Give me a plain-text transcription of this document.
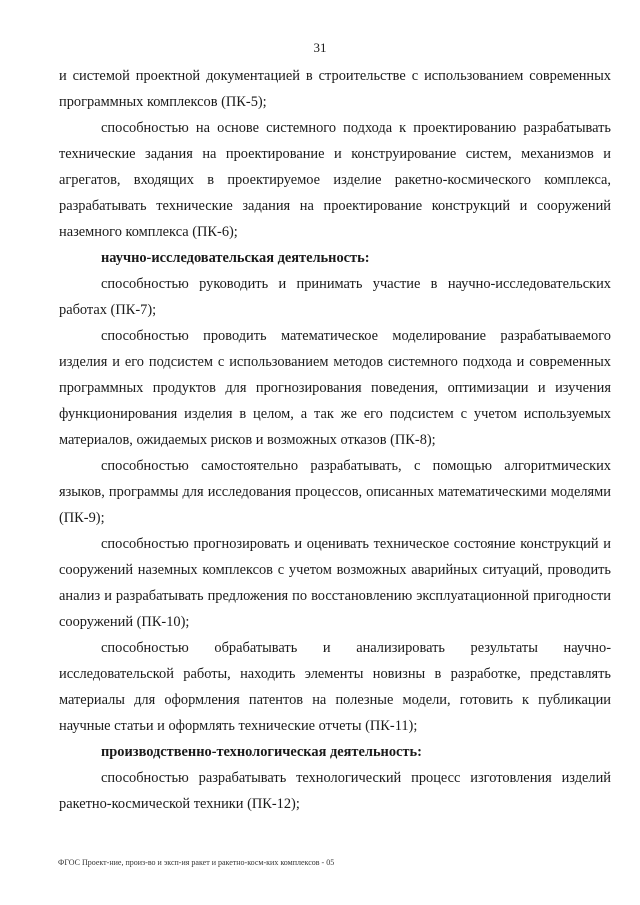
31

и системой проектной документацией в строительстве с использованием современных программных комплексов (ПК-5);

способностью на основе системного подхода к проектированию разрабатывать технические задания на проектирование и конструирование систем, механизмов и агрегатов, входящих в проектируемое изделие ракетно-космического комплекса, разрабатывать технические задания на проектирование конструкций и сооружений наземного комплекса (ПК-6);

научно-исследовательская деятельность:

способностью руководить и принимать участие в научно-исследовательских работах (ПК-7);

способностью проводить математическое моделирование разрабатываемого изделия и его подсистем с использованием методов системного подхода и современных программных продуктов для прогнозирования поведения, оптимизации и изучения функционирования изделия в целом, а так же его подсистем с учетом используемых материалов, ожидаемых рисков и возможных отказов (ПК-8);

способностью самостоятельно разрабатывать, с помощью алгоритмических языков, программы для исследования процессов, описанных математическими моделями (ПК-9);

способностью прогнозировать и оценивать техническое состояние конструкций и сооружений наземных комплексов с учетом возможных аварийных ситуаций, проводить анализ и разрабатывать предложения по восстановлению эксплуатационной пригодности сооружений (ПК-10);

способностью обрабатывать и анализировать результаты научно-исследовательской работы, находить элементы новизны в разработке, представлять материалы для оформления патентов на полезные модели, готовить к публикации научные статьи и оформлять технические отчеты (ПК-11);

производственно-технологическая деятельность:

способностью разрабатывать технологический процесс изготовления изделий ракетно-космической техники (ПК-12);

ФГОС Проект-ние, произ-во и эксп-ия ракет и ракетно-косм-ких комплексов - 05
